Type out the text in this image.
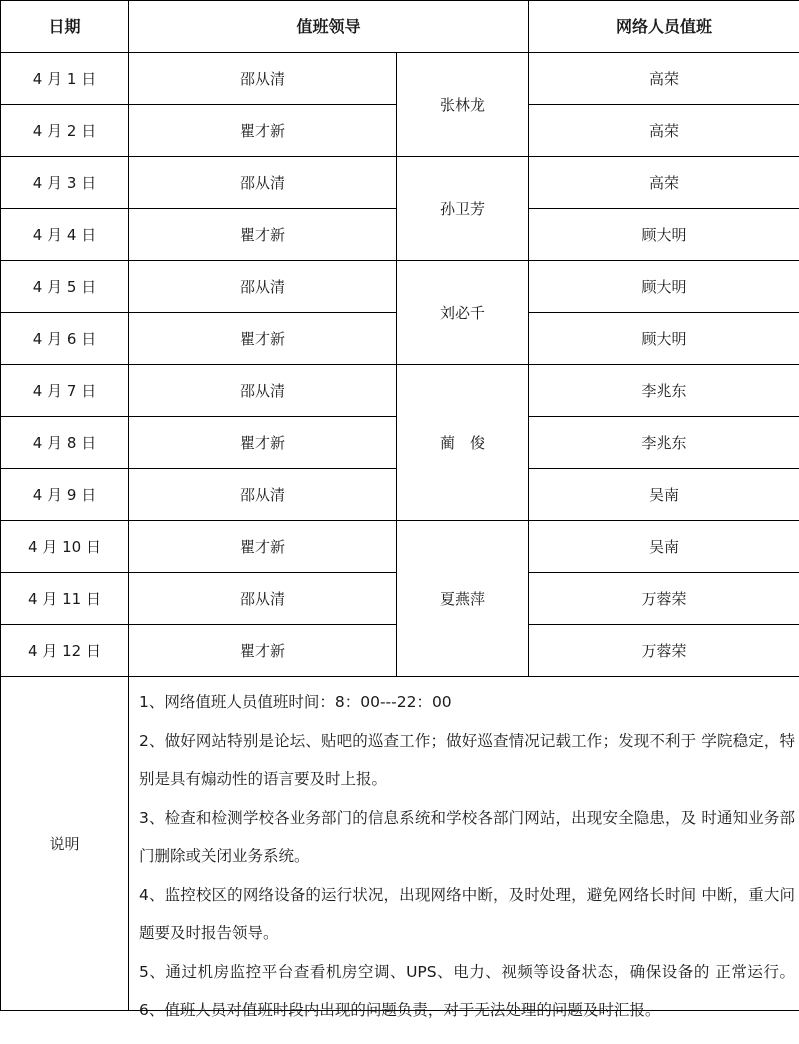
日期	值班领导		网络人员值班
4 月 1 日	邵从清	张林龙	高荣
4 月 2 日	瞿才新		高荣
4 月 3 日	邵从清	孙卫芳	高荣
4 月 4 日	瞿才新		顾大明
4 月 5 日	邵从清	刘必千	顾大明
4 月 6 日	瞿才新		顾大明
4 月 7 日	邵从清	蔺　俊	李兆东
4 月 8 日	瞿才新		李兆东
4 月 9 日	邵从清		吴南
4 月 10 日	瞿才新	夏燕萍	吴南
4 月 11 日	邵从清		万蓉荣
4 月 12 日	瞿才新		万蓉荣
说明	1、网络值班人员值班时间：8：00---22：00

2、做好网站特别是论坛、贴吧的巡查工作；做好巡查情况记载工作；发现不利于 学院稳定，特别是具有煽动性的语言要及时上报。

3、检查和检测学校各业务部门的信息系统和学校各部门网站，出现安全隐患，及 时通知业务部门删除或关闭业务系统。

4、监控校区的网络设备的运行状况，出现网络中断，及时处理，避免网络长时间 中断，重大问题要及时报告领导。

5、通过机房监控平台查看机房空调、UPS、电力、视频等设备状态，确保设备的 正常运行。 6、值班人员对值班时段内出现的问题负责，对于无法处理的问题及时汇报。		
